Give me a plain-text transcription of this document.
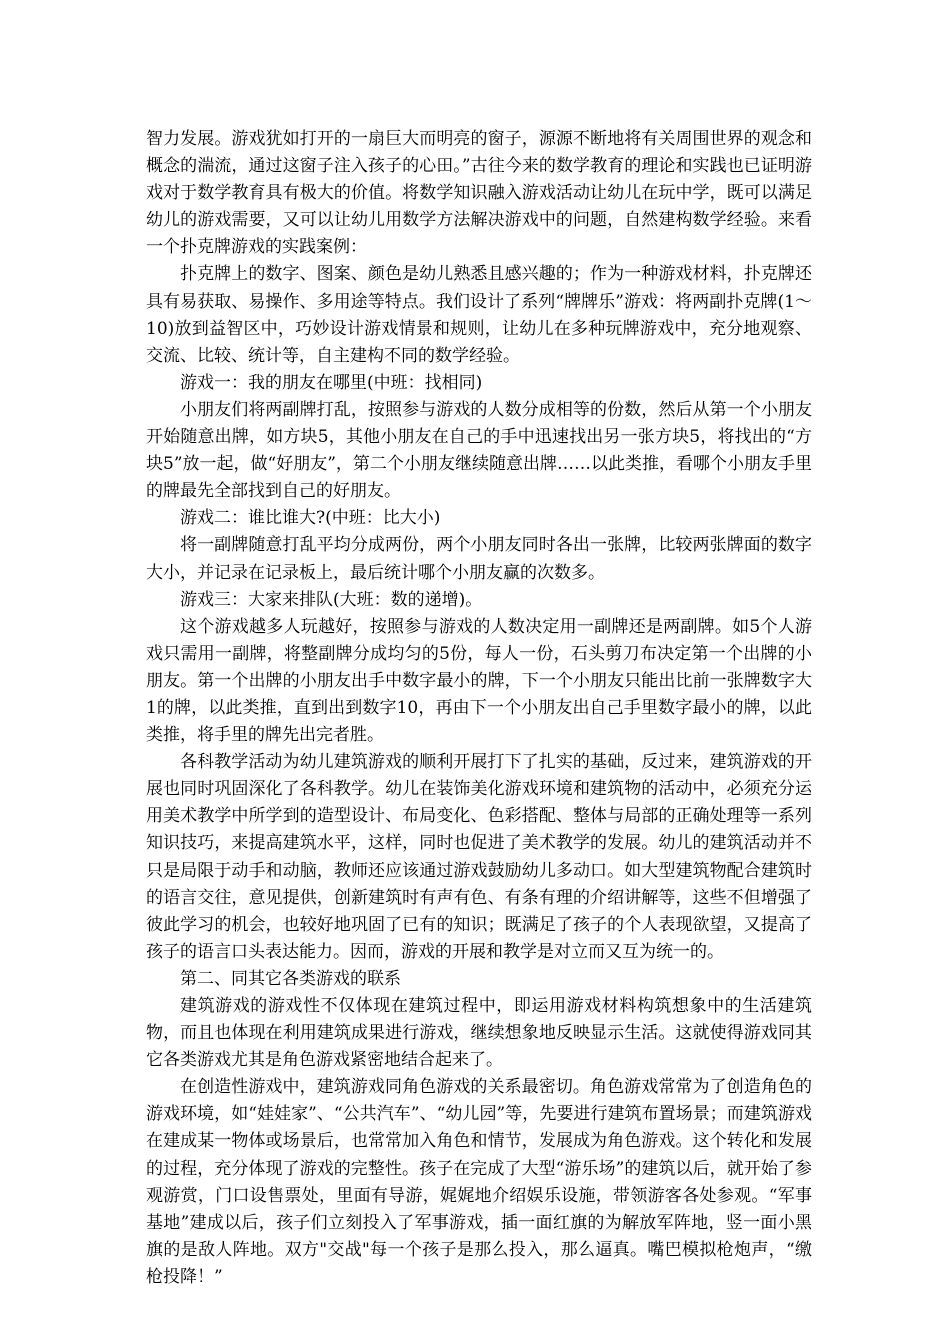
智力发展。游戏犹如打开的一扇巨大而明亮的窗子，源源不断地将有关周围世界的观念和概念的湍流，通过这窗子注入孩子的心田。”古往今来的数学教育的理论和实践也已证明游戏对于数学教育具有极大的价值。将数学知识融入游戏活动让幼儿在玩中学，既可以满足幼儿的游戏需要，又可以让幼儿用数学方法解决游戏中的问题，自然建构数学经验。来看一个扑克牌游戏的实践案例：

扑克牌上的数字、图案、颜色是幼儿熟悉且感兴趣的；作为一种游戏材料，扑克牌还具有易获取、易操作、多用途等特点。我们设计了系列“牌牌乐”游戏：将两副扑克牌(1～10)放到益智区中，巧妙设计游戏情景和规则，让幼儿在多种玩牌游戏中，充分地观察、交流、比较、统计等，自主建构不同的数学经验。

游戏一：我的朋友在哪里(中班：找相同)

小朋友们将两副牌打乱，按照参与游戏的人数分成相等的份数，然后从第一个小朋友开始随意出牌，如方块5，其他小朋友在自己的手中迅速找出另一张方块5，将找出的“方块5”放一起，做“好朋友”，第二个小朋友继续随意出牌……以此类推，看哪个小朋友手里的牌最先全部找到自己的好朋友。

游戏二：谁比谁大?(中班：比大小)

将一副牌随意打乱平均分成两份，两个小朋友同时各出一张牌，比较两张牌面的数字大小，并记录在记录板上，最后统计哪个小朋友赢的次数多。

游戏三：大家来排队(大班：数的递增)。

这个游戏越多人玩越好，按照参与游戏的人数决定用一副牌还是两副牌。如5个人游戏只需用一副牌，将整副牌分成均匀的5份，每人一份，石头剪刀布决定第一个出牌的小朋友。第一个出牌的小朋友出手中数字最小的牌，下一个小朋友只能出比前一张牌数字大1的牌，以此类推，直到出到数字10，再由下一个小朋友出自己手里数字最小的牌，以此类推，将手里的牌先出完者胜。

各科教学活动为幼儿建筑游戏的顺利开展打下了扎实的基础，反过来，建筑游戏的开展也同时巩固深化了各科教学。幼儿在装饰美化游戏环境和建筑物的活动中，必须充分运用美术教学中所学到的造型设计、布局变化、色彩搭配、整体与局部的正确处理等一系列知识技巧，来提高建筑水平，这样，同时也促进了美术教学的发展。幼儿的建筑活动并不只是局限于动手和动脑，教师还应该通过游戏鼓励幼儿多动口。如大型建筑物配合建筑时的语言交往，意见提供，创新建筑时有声有色、有条有理的介绍讲解等，这些不但增强了彼此学习的机会，也较好地巩固了已有的知识；既满足了孩子的个人表现欲望，又提高了孩子的语言口头表达能力。因而，游戏的开展和教学是对立而又互为统一的。

第二、同其它各类游戏的联系

建筑游戏的游戏性不仅体现在建筑过程中，即运用游戏材料构筑想象中的生活建筑物，而且也体现在利用建筑成果进行游戏，继续想象地反映显示生活。这就使得游戏同其它各类游戏尤其是角色游戏紧密地结合起来了。

在创造性游戏中，建筑游戏同角色游戏的关系最密切。角色游戏常常为了创造角色的游戏环境，如“娃娃家”、“公共汽车”、“幼儿园”等，先要进行建筑布置场景；而建筑游戏在建成某一物体或场景后，也常常加入角色和情节，发展成为角色游戏。这个转化和发展的过程，充分体现了游戏的完整性。孩子在完成了大型“游乐场”的建筑以后，就开始了参观游赏，门口设售票处，里面有导游，娓娓地介绍娱乐设施，带领游客各处参观。“军事基地”建成以后，孩子们立刻投入了军事游戏，插一面红旗的为解放军阵地，竖一面小黑旗的是敌人阵地。双方"交战"每一个孩子是那么投入，那么逼真。嘴巴模拟枪炮声，“缴枪投降！”
